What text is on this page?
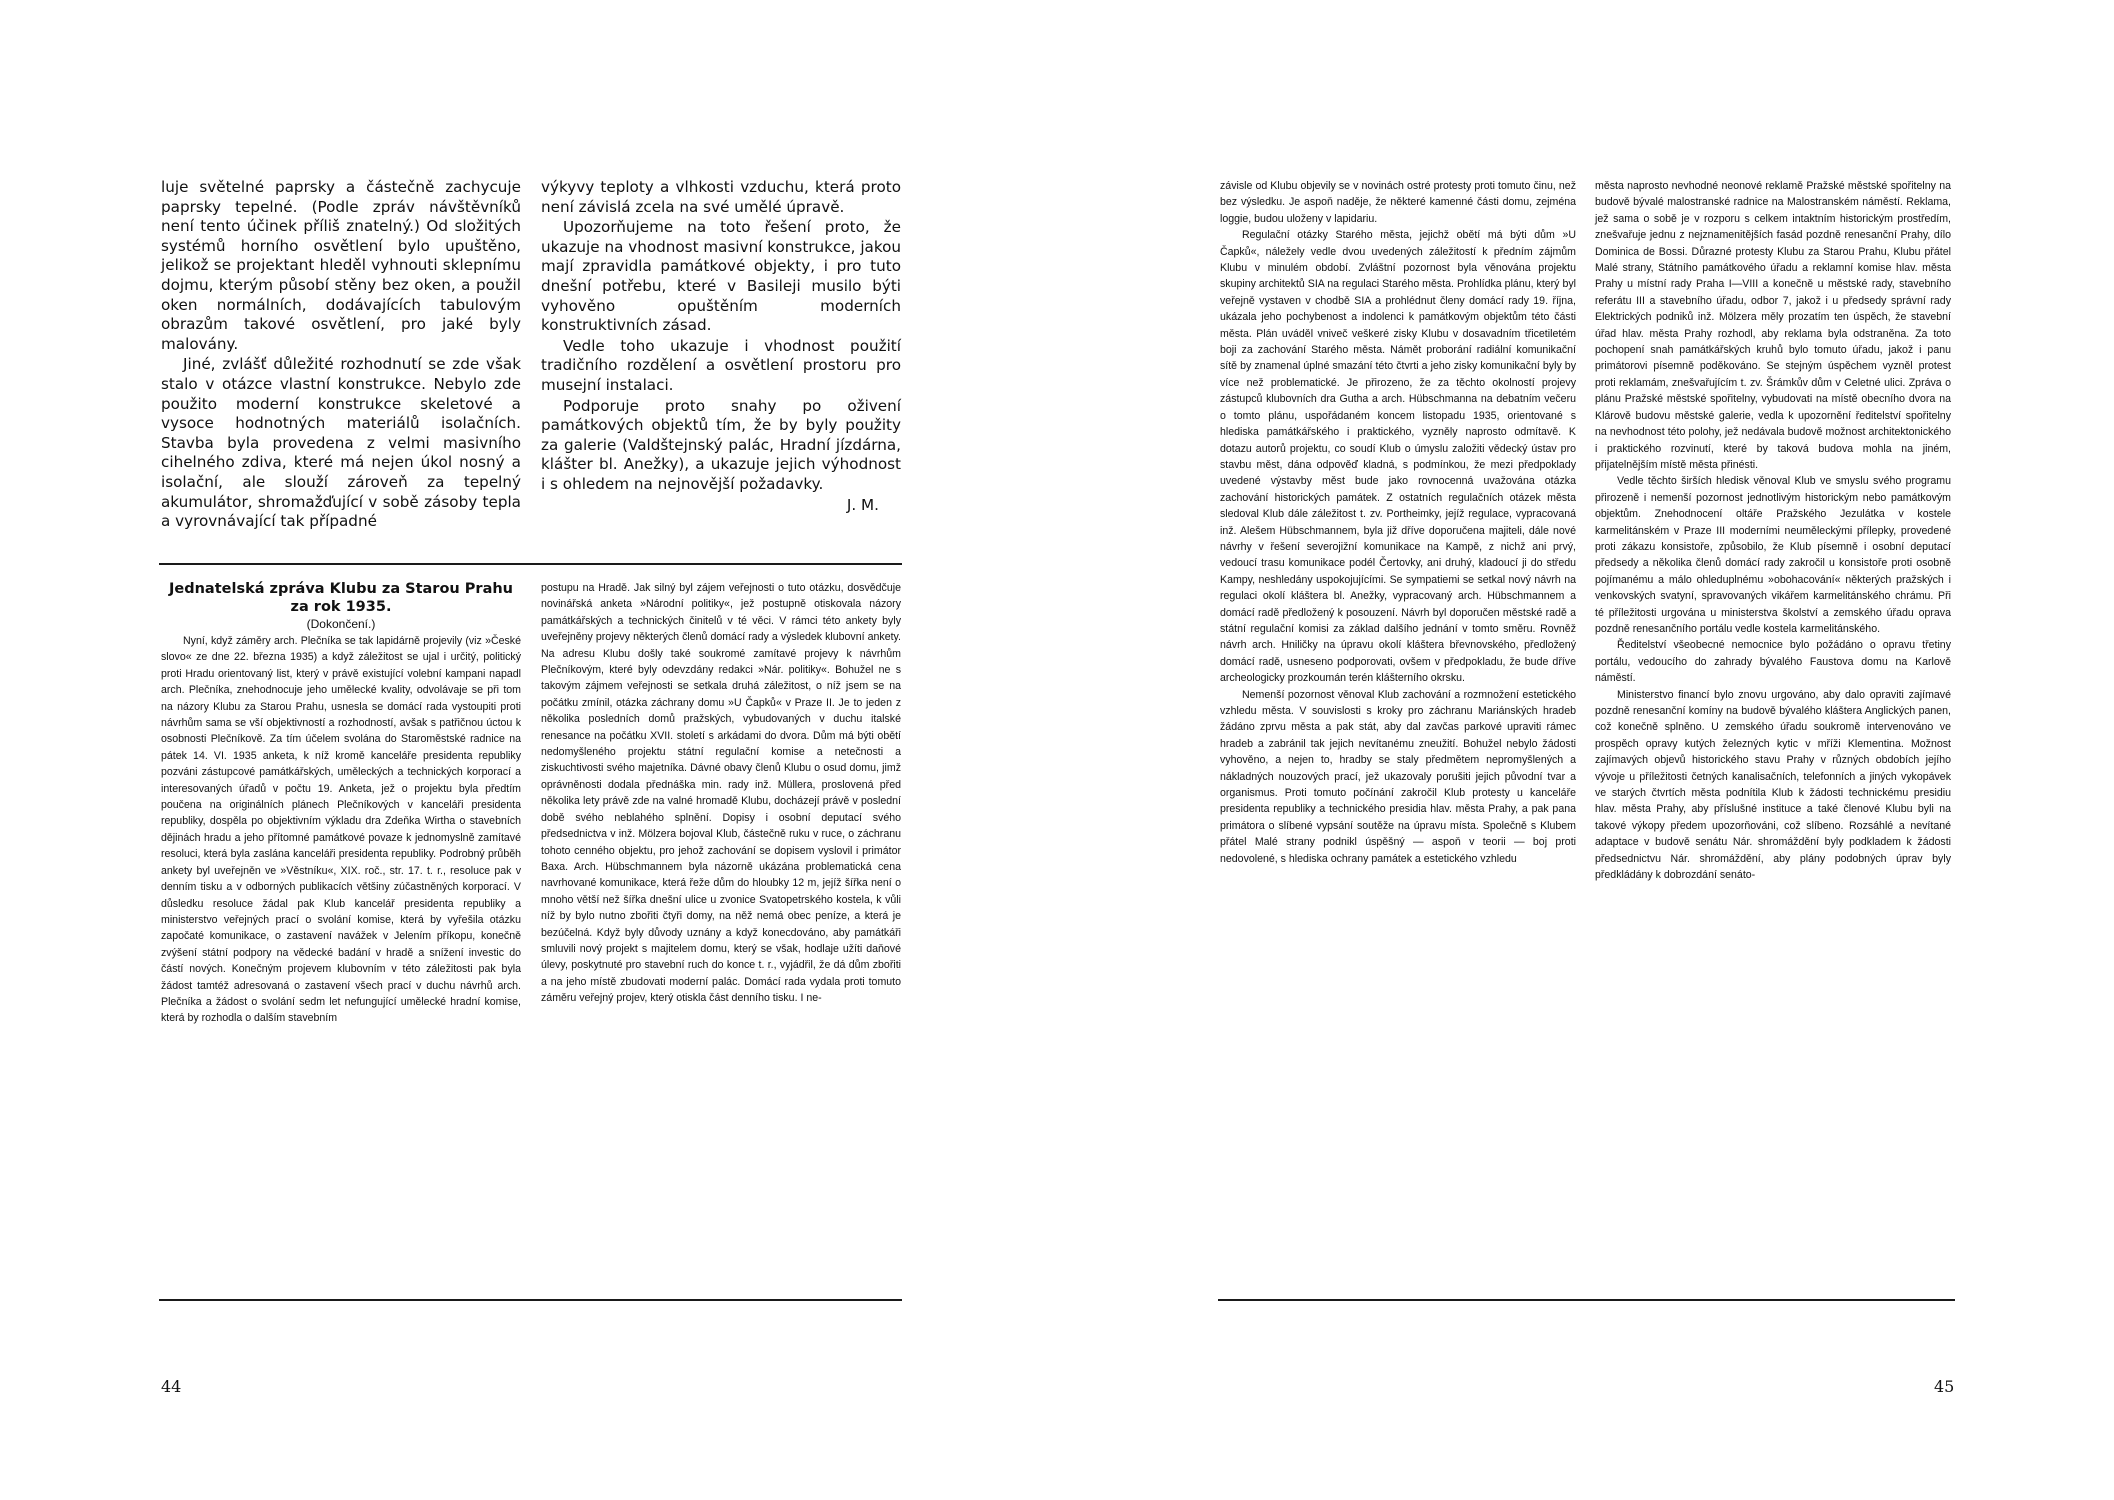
luje světelné paprsky a částečně zachycuje paprsky tepelné. (Podle zpráv návštěvníků není tento účinek příliš znatelný.) Od složitých systémů horního osvětlení bylo upuštěno, jelikož se projektant hleděl vyhnouti sklepnímu dojmu, kterým působí stěny bez oken, a použil oken normálních, dodávajících tabulovým obrazům takové osvětlení, pro jaké byly malovány.

Jiné, zvlášť důležité rozhodnutí se zde však stalo v otázce vlastní konstrukce. Nebylo zde použito moderní konstrukce skeletové a vysoce hodnotných materiálů isolačních. Stavba byla provedena z velmi masivního cihelného zdiva, které má nejen úkol nosný a isolační, ale slouží zároveň za tepelný akumulátor, shromažďující v sobě zásoby tepla a vyrovnávající tak případné

výkyvy teploty a vlhkosti vzduchu, která proto není závislá zcela na své umělé úpravě.

Upozorňujeme na toto řešení proto, že ukazuje na vhodnost masivní konstrukce, jakou mají zpravidla památkové objekty, i pro tuto dnešní potřebu, které v Basileji musilo býti vyhověno opuštěním moderních konstruktivních zásad.

Vedle toho ukazuje i vhodnost použití tradičního rozdělení a osvětlení prostoru pro musejní instalaci.

Podporuje proto snahy po oživení památkových objektů tím, že by byly použity za galerie (Valdštejnský palác, Hradní jízdárna, klášter bl. Anežky), a ukazuje jejich výhodnost i s ohledem na nejnovější požadavky.

J. M.

Jednatelská zpráva Klubu za Starou Prahu za rok 1935.

(Dokončení.)

Nyní, když záměry arch. Plečníka se tak lapidárně projevily (viz »České slovo« ze dne 22. března 1935) a když záležitost se ujal i určitý, politický proti Hradu orientovaný list, který v právě existující volební kampani napadl arch. Plečníka, znehodnocuje jeho umělecké kvality, odvolávaje se při tom na názory Klubu za Starou Prahu, usnesla se domácí rada vystoupiti proti návrhům sama se vší objektivností a rozhodností, avšak s patřičnou úctou k osobnosti Plečníkově. Za tím účelem svolána do Staroměstské radnice na pátek 14. VI. 1935 anketa, k níž kromě kanceláře presidenta republiky pozváni zástupcové památkářských, uměleckých a technických korporací a interesovaných úřadů v počtu 19. Anketa, jež o projektu byla předtím poučena na originálních plánech Plečníkových v kanceláři presidenta republiky, dospěla po objektivním výkladu dra Zdeňka Wirtha o stavebních dějinách hradu a jeho přítomné památkové povaze k jednomyslně zamítavé resoluci, která byla zaslána kanceláři presidenta republiky. Podrobný průběh ankety byl uveřejněn ve »Věstníku«, XIX. roč., str. 17. t. r., resoluce pak v denním tisku a v odborných publikacích většiny zúčastněných korporací. V důsledku resoluce žádal pak Klub kancelář presidenta republiky a ministerstvo veřejných prací o svolání komise, která by vyřešila otázku započaté komunikace, o zastavení navážek v Jelením příkopu, konečně zvýšení státní podpory na vědecké badání v hradě a snížení investic do částí nových. Konečným projevem klubovním v této záležitosti pak byla žádost tamtéž adresovaná o zastavení všech prací v duchu návrhů arch. Plečníka a žádost o svolání sedm let nefungující umělecké hradní komise, která by rozhodla o dalším stavebním

postupu na Hradě. Jak silný byl zájem veřejnosti o tuto otázku, dosvědčuje novinářská anketa »Národní politiky«, jež postupně otiskovala názory památkářských a technických činitelů v té věci. V rámci této ankety byly uveřejněny projevy některých členů domácí rady a výsledek klubovní ankety. Na adresu Klubu došly také soukromé zamítavé projevy k návrhům Plečníkovým, které byly odevzdány redakci »Nár. politiky«. Bohužel ne s takovým zájmem veřejnosti se setkala druhá záležitost, o níž jsem se na počátku zmínil, otázka záchrany domu »U Čapků« v Praze II. Je to jeden z několika posledních domů pražských, vybudovaných v duchu italské renesance na počátku XVII. století s arkádami do dvora. Dům má býti obětí nedomyšleného projektu státní regulační komise a netečnosti a ziskuchtivosti svého majetníka. Dávné obavy členů Klubu o osud domu, jimž oprávněnosti dodala přednáška min. rady inž. Müllera, proslovená před několika lety právě zde na valné hromadě Klubu, docházejí právě v poslední době svého neblahého splnění. Dopisy i osobní deputací svého předsednictva v inž. Mölzera bojoval Klub, částečně ruku v ruce, o záchranu tohoto cenného objektu, pro jehož zachování se dopisem vyslovil i primátor Baxa. Arch. Hübschmannem byla názorně ukázána problematická cena navrhované komunikace, která řeže dům do hloubky 12 m, jejíž šířka není o mnoho větší než šířka dnešní ulice u zvonice Svatopetrského kostela, k vůli níž by bylo nutno zbořiti čtyři domy, na něž nemá obec peníze, a která je bezúčelná. Když byly důvody uznány a když konecdováno, aby památkáři smluvili nový projekt s majitelem domu, který se však, hodlaje užíti daňové úlevy, poskytnuté pro stavební ruch do konce t. r., vyjádřil, že dá dům zbořiti a na jeho místě zbudovati moderní palác. Domácí rada vydala proti tomuto záměru veřejný projev, který otiskla část denního tisku. I ne-

44

závisle od Klubu objevily se v novinách ostré protesty proti tomuto činu, než bez výsledku. Je aspoň naděje, že některé kamenné části domu, zejména loggie, budou uloženy v lapidariu.

Regulační otázky Starého města, jejichž obětí má býti dům »U Čapků«, náležely vedle dvou uvedených záležitostí k předním zájmům Klubu v minulém období. Zvláštní pozornost byla věnována projektu skupiny architektů SIA na regulaci Starého města. Prohlídka plánu, který byl veřejně vystaven v chodbě SIA a prohlédnut členy domácí rady 19. října, ukázala jeho pochybenost a indolenci k památkovým objektům této části města. Plán uváděl vniveč veškeré zisky Klubu v dosavadním třicetiletém boji za zachování Starého města. Námět proborání radiální komunikační sítě by znamenal úplné smazání této čtvrti a jeho zisky komunikační byly by více než problematické. Je přirozeno, že za těchto okolností projevy zástupců klubovních dra Gutha a arch. Hübschmanna na debatním večeru o tomto plánu, uspořádaném koncem listopadu 1935, orientované s hlediska památkářského i praktického, vyzněly naprosto odmítavě. K dotazu autorů projektu, co soudí Klub o úmyslu založiti vědecký ústav pro stavbu měst, dána odpověď kladná, s podmínkou, že mezi předpoklady uvedené výstavby měst bude jako rovnocenná uvažována otázka zachování historických památek. Z ostatních regulačních otázek města sledoval Klub dále záležitost t. zv. Portheimky, jejíž regulace, vypracovaná inž. Alešem Hübschmannem, byla již dříve doporučena majiteli, dále nové návrhy v řešení severojižní komunikace na Kampě, z nichž ani prvý, vedoucí trasu komunikace podél Čertovky, ani druhý, kladoucí ji do středu Kampy, neshledány uspokojujícími. Se sympatiemi se setkal nový návrh na regulaci okolí kláštera bl. Anežky, vypracovaný arch. Hübschmannem a domácí radě předložený k posouzení. Návrh byl doporučen městské radě a státní regulační komisi za základ dalšího jednání v tomto směru. Rovněž návrh arch. Hniličky na úpravu okolí kláštera břevnovského, předložený domácí radě, usneseno podporovati, ovšem v předpokladu, že bude dříve archeologicky prozkoumán terén klášterního okrsku.

Nemenší pozornost věnoval Klub zachování a rozmnožení estetického vzhledu města. V souvislosti s kroky pro záchranu Mariánských hradeb žádáno zprvu města a pak stát, aby dal zavčas parkové upraviti rámec hradeb a zabránil tak jejich nevítanému zneužití. Bohužel nebylo žádosti vyhověno, a nejen to, hradby se staly předmětem nepromyšlených a nákladných nouzových prací, jež ukazovaly porušiti jejich původní tvar a organismus. Proti tomuto počínání zakročil Klub protesty u kanceláře presidenta republiky a technického presidia hlav. města Prahy, a pak pana primátora o slíbené vypsání soutěže na úpravu místa. Společně s Klubem přátel Malé strany podnikl úspěšný — aspoň v teorii — boj proti nedovolené, s hlediska ochrany památek a estetického vzhledu

města naprosto nevhodné neonové reklamě Pražské městské spořitelny na budově bývalé malostranské radnice na Malostranském náměstí. Reklama, jež sama o sobě je v rozporu s celkem intaktním historickým prostředím, znešvařuje jednu z nejznamenitějších fasád pozdně renesanční Prahy, dílo Dominica de Bossi. Důrazné protesty Klubu za Starou Prahu, Klubu přátel Malé strany, Státního památkového úřadu a reklamní komise hlav. města Prahy u místní rady Praha I—VIII a konečně u městské rady, stavebního referátu III a stavebního úřadu, odbor 7, jakož i u předsedy správní rady Elektrických podniků inž. Mölzera měly prozatím ten úspěch, že stavební úřad hlav. města Prahy rozhodl, aby reklama byla odstraněna. Za toto pochopení snah památkářských kruhů bylo tomuto úřadu, jakož i panu primátorovi písemně poděkováno. Se stejným úspěchem vyzněl protest proti reklamám, znešvařujícím t. zv. Šrámkův dům v Celetné ulici. Zpráva o plánu Pražské městské spořitelny, vybudovati na místě obecního dvora na Klárově budovu městské galerie, vedla k upozornění ředitelství spořitelny na nevhodnost této polohy, jež nedávala budově možnost architektonického i praktického rozvinutí, které by taková budova mohla na jiném, přijatelnějším místě města přinésti.

Vedle těchto širších hledisk věnoval Klub ve smyslu svého programu přirozeně i nemenší pozornost jednotlivým historickým nebo památkovým objektům. Znehodnocení oltáře Pražského Jezulátka v kostele karmelitánském v Praze III moderními neuměleckými přílepky, provedené proti zákazu konsistoře, způsobilo, že Klub písemně i osobní deputací předsedy a několika členů domácí rady zakročil u konsistoře proti osobně pojímanému a málo ohleduplnému »obohacování« některých pražských i venkovských svatyní, spravovaných vikářem karmelitánského chrámu. Při té příležitosti urgována u ministerstva školství a zemského úřadu oprava pozdně renesančního portálu vedle kostela karmelitánského.

Ředitelství všeobecné nemocnice bylo požádáno o opravu třetiny portálu, vedoucího do zahrady bývalého Faustova domu na Karlově náměstí.

Ministerstvo financí bylo znovu urgováno, aby dalo opraviti zajímavé pozdně renesanční komíny na budově bývalého kláštera Anglických panen, což konečně splněno. U zemského úřadu soukromě intervenováno ve prospěch opravy kutých železných kytic v mříži Klementina. Možnost zajímavých objevů historického stavu Prahy v různých obdobích jejího vývoje u příležitosti četných kanalisačních, telefonních a jiných vykopávek ve starých čtvrtích města podnítila Klub k žádosti technickému presidiu hlav. města Prahy, aby příslušné instituce a také členové Klubu byli na takové výkopy předem upozorňováni, což slíbeno. Rozsáhlé a nevítané adaptace v budově senátu Nár. shromáždění byly podkladem k žádosti předsednictvu Nár. shromáždění, aby plány podobných úprav byly předkládány k dobrozdání senáto-

45
